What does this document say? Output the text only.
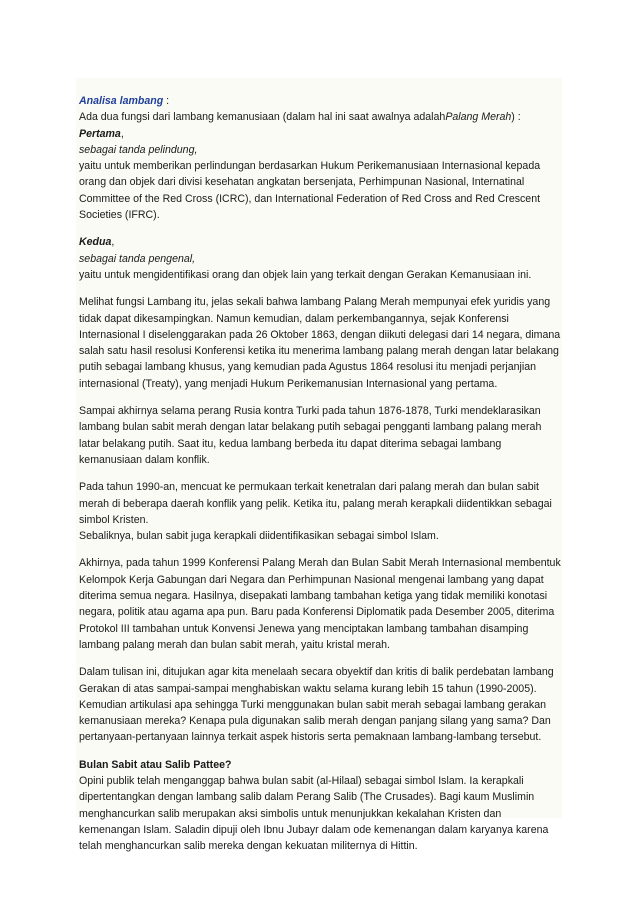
Analisa lambang :

Ada dua fungsi dari lambang kemanusiaan (dalam hal ini saat awalnya adalahPalang Merah) :

Pertama,

sebagai tanda pelindung,

yaitu untuk memberikan perlindungan berdasarkan Hukum Perikemanusiaan Internasional kepada orang dan objek dari divisi kesehatan angkatan bersenjata, Perhimpunan Nasional, Internatinal Committee of the Red Cross (ICRC), dan International Federation of Red Cross and Red Crescent Societies (IFRC).

Kedua,

sebagai tanda pengenal,

yaitu untuk mengidentifikasi orang dan objek lain yang terkait dengan Gerakan Kemanusiaan ini.

Melihat fungsi Lambang itu, jelas sekali bahwa lambang Palang Merah mempunyai efek yuridis yang tidak dapat dikesampingkan. Namun kemudian, dalam perkembangannya, sejak Konferensi Internasional I diselenggarakan pada 26 Oktober 1863, dengan diikuti delegasi dari 14 negara, dimana salah satu hasil resolusi Konferensi ketika itu menerima lambang palang merah dengan latar belakang putih sebagai lambang khusus, yang kemudian pada Agustus 1864 resolusi itu menjadi perjanjian internasional (Treaty), yang menjadi Hukum Perikemanusian Internasional yang pertama.

Sampai akhirnya selama perang Rusia kontra Turki pada tahun 1876-1878, Turki mendeklarasikan lambang bulan sabit merah dengan latar belakang putih sebagai pengganti lambang palang merah latar belakang putih. Saat itu, kedua lambang berbeda itu dapat diterima sebagai lambang kemanusiaan dalam konflik.

Pada tahun 1990-an, mencuat ke permukaan terkait kenetralan dari palang merah dan bulan sabit merah di beberapa daerah konflik yang pelik. Ketika itu, palang merah kerapkali diidentikkan sebagai simbol Kristen.

Sebaliknya, bulan sabit juga kerapkali diidentifikasikan sebagai simbol Islam.

Akhirnya, pada tahun 1999 Konferensi Palang Merah dan Bulan Sabit Merah Internasional membentuk Kelompok Kerja Gabungan dari Negara dan Perhimpunan Nasional mengenai lambang yang dapat diterima semua negara. Hasilnya, disepakati lambang tambahan ketiga yang tidak memiliki konotasi negara, politik atau agama apa pun. Baru pada Konferensi Diplomatik pada Desember 2005, diterima Protokol III tambahan untuk Konvensi Jenewa yang menciptakan lambang tambahan disamping lambang palang merah dan bulan sabit merah, yaitu kristal merah.

Dalam tulisan ini, ditujukan agar kita menelaah secara obyektif dan kritis di balik perdebatan lambang Gerakan di atas sampai-sampai menghabiskan waktu selama kurang lebih 15 tahun (1990-2005). Kemudian artikulasi apa sehingga Turki menggunakan bulan sabit merah sebagai lambang gerakan kemanusiaan mereka? Kenapa pula digunakan salib merah dengan panjang silang yang sama? Dan pertanyaan-pertanyaan lainnya terkait aspek historis serta pemaknaan lambang-lambang tersebut.

Bulan Sabit atau Salib Pattee?

Opini publik telah menganggap bahwa bulan sabit (al-Hilaal) sebagai simbol Islam. Ia kerapkali dipertentangkan dengan lambang salib dalam Perang Salib (The Crusades). Bagi kaum Muslimin menghancurkan salib merupakan aksi simbolis untuk menunjukkan kekalahan Kristen dan kemenangan Islam. Saladin dipuji oleh Ibnu Jubayr dalam ode kemenangan dalam karyanya karena telah menghancurkan salib mereka dengan kekuatan militernya di Hittin.
